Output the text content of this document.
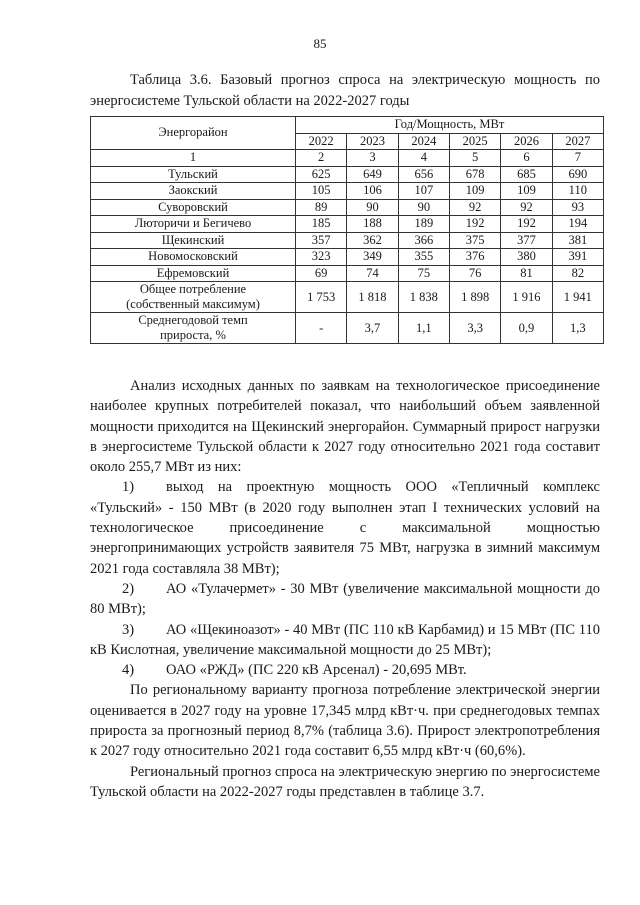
85
Таблица 3.6. Базовый прогноз спроса на электрическую мощность по
энергосистеме Тульской области на 2022-2027 годы
Энергорайон	Год/Мощность, МВт					
	2022	2023	2024	2025	2026	2027
1	2	3	4	5	6	7
Тульский	625	649	656	678	685	690
Заокский	105	106	107	109	109	110
Суворовский	89	90	90	92	92	93
Люторичи и Бегичево	185	188	189	192	192	194
Щекинский	357	362	366	375	377	381
Новомосковский	323	349	355	376	380	391
Ефремовский	69	74	75	76	81	82

Общее потребление
(собственный максимум)	1 753	1 818	1 838	1 898	1 916	1 941

Среднегодовой темп
прироста, %	-	3,7	1,1	3,3	0,9	1,3

Анализ исходных данных по заявкам на технологическое присоединение наиболее крупных потребителей показал, что наибольший объем заявленной мощности приходится на Щекинский энергорайон. Суммарный прирост нагрузки в энергосистеме Тульской области к 2027 году относительно 2021 года составит около 255,7 МВт из них:

1) выход на проектную мощность ООО «Тепличный комплекс «Тульский» - 150 МВт (в 2020 году выполнен этап I технических условий на технологическое присоединение с максимальной мощностью энергопринимающих устройств заявителя 75 МВт, нагрузка в зимний максимум 2021 года составляла 38 МВт);

2) АО «Тулачермет» - 30 МВт (увеличение максимальной мощности до 80 МВт);

3) АО «Щекиноазот» - 40 МВт (ПС 110 кВ Карбамид) и 15 МВт (ПС 110 кВ Кислотная, увеличение максимальной мощности до 25 МВт);

4) ОАО «РЖД» (ПС 220 кВ Арсенал) - 20,695 МВт.

По региональному варианту прогноза потребление электрической энергии оценивается в 2027 году на уровне 17,345 млрд кВт·ч. при среднегодовых темпах прироста за прогнозный период 8,7% (таблица 3.6). Прирост электропотребления к 2027 году относительно 2021 года составит 6,55 млрд кВт·ч (60,6%).

Региональный прогноз спроса на электрическую энергию по энергосистеме Тульской области на 2022-2027 годы представлен в таблице 3.7.
